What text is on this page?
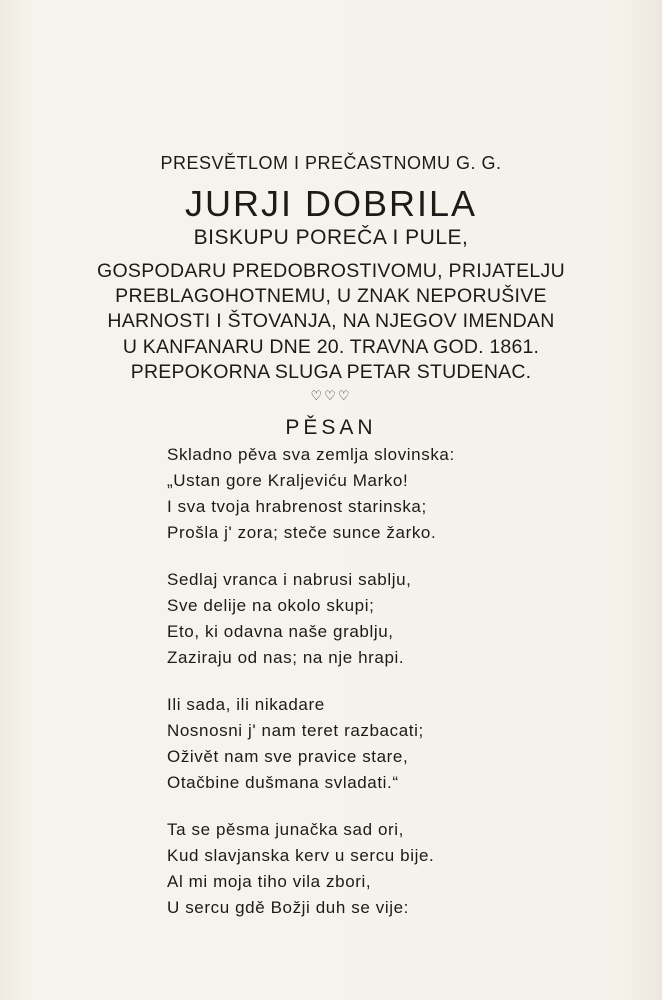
PRESVĚTLOM I PREČASTNOMU G. G.
JURJI DOBRILA
BISKUPU POREČA I PULE,
GOSPODARU PREDOBROSTIVOMU, PRIJATELJU
PREBLAGOHOTNEMU, U ZNAK NEPORUŠIVE
HARNOSTI I ŠTOVANJA, NA NJEGOV IMENDAN
U KANFANARU DNE 20. TRAVNA GOD. 1861.
PREPOKORNA SLUGA PETAR STUDENAC.
♡♡♡
PĚSAN
Skladno pěva sva zemlja slovinska:
„Ustan gore Kraljeviću Marko!
I sva tvoja hrabrenost starinska;
Prošla j' zora; steče sunce žarko.
Sedlaj vranca i nabrusi sablju,
Sve delije na okolo skupi;
Eto, ki odavna naše grablju,
Zaziraju od nas; na nje hrapi.
Ili sada, ili nikadare
Nosnosni j' nam teret razbacati;
Oživět nam sve pravice stare,
Otačbine dušmana svladati.“
Ta se pěsma junačka sad ori,
Kud slavjanska kerv u sercu bije.
Al mi moja tiho vila zbori,
U sercu gdě Božji duh se vije:
